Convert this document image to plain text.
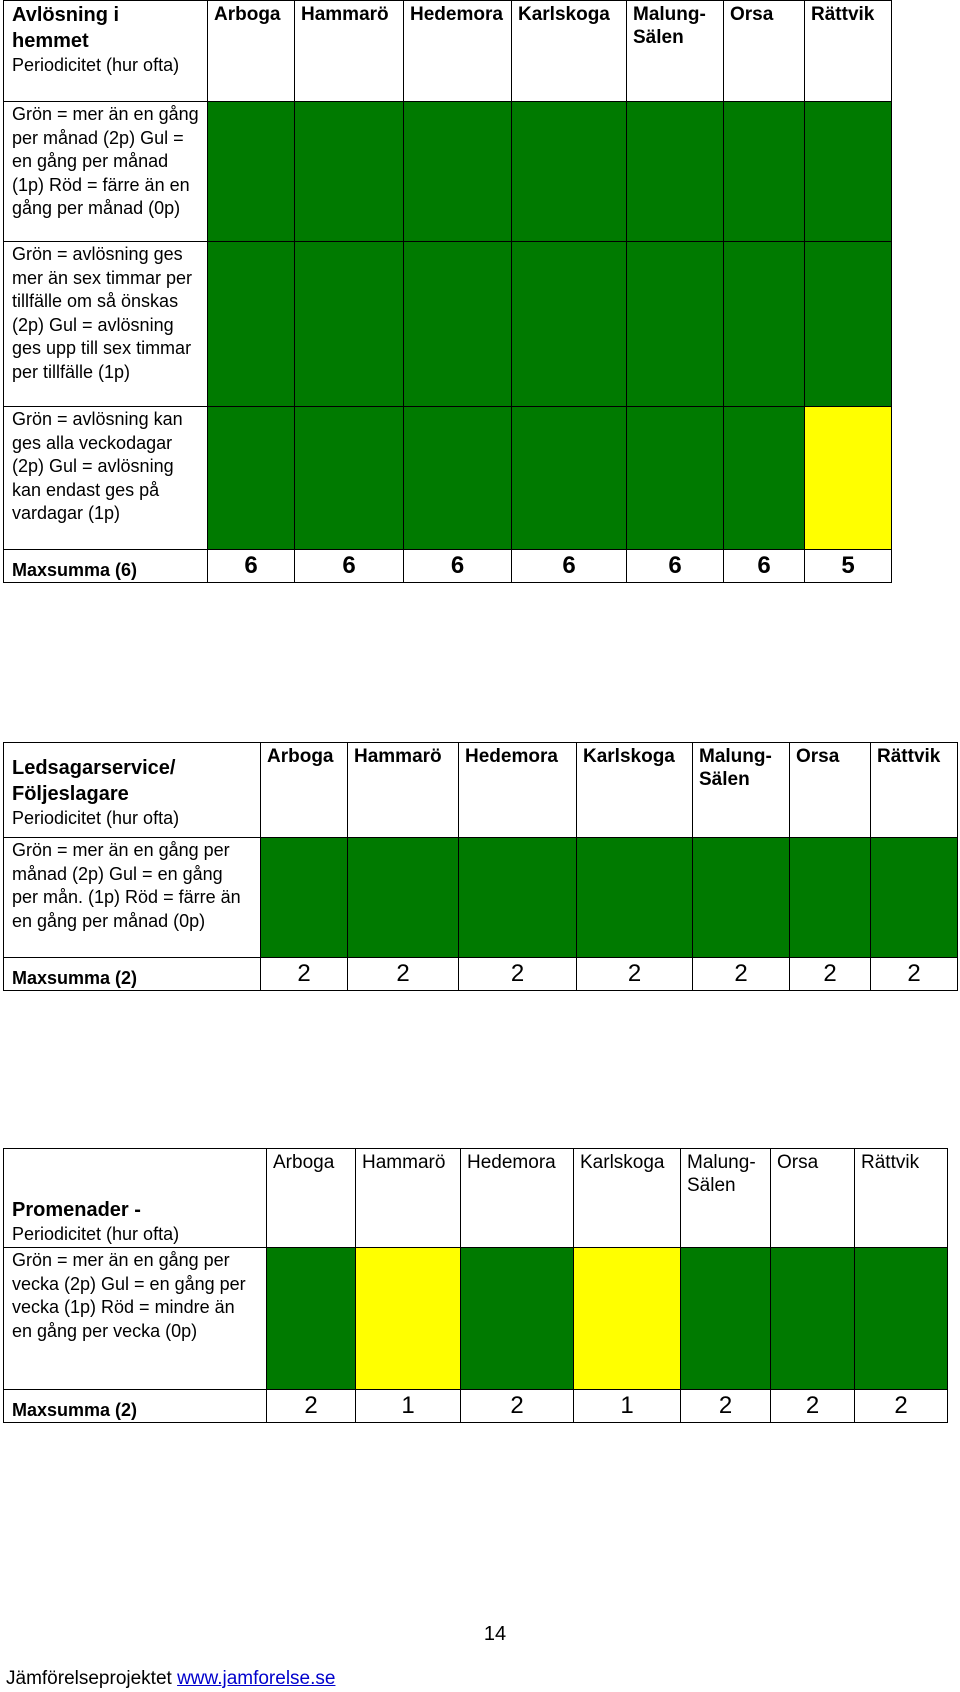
Avlösning i hemmet
Periodicitet (hur ofta)	Arboga	Hammarö	Hedemora	Karlskoga	Malung-Sälen	Orsa	Rättvik
Grön = mer än en gång per månad (2p) Gul = en gång per månad (1p) Röd = färre än en gång per månad (0p)							
Grön = avlösning ges mer än sex timmar per tillfälle om så önskas (2p) Gul = avlösning ges upp till sex timmar per tillfälle (1p)							
Grön = avlösning kan ges alla veckodagar (2p) Gul = avlösning kan endast ges på vardagar (1p)							
Maxsumma (6)	6	6	6	6	6	6	5
Ledsagarservice/ Följeslagare
Periodicitet (hur ofta)	Arboga	Hammarö	Hedemora	Karlskoga	Malung-Sälen	Orsa	Rättvik
Grön = mer än en gång per månad (2p) Gul = en gång per mån. (1p) Röd = färre än en gång per månad (0p)							
Maxsumma (2)	2	2	2	2	2	2	2
Promenader -
Periodicitet (hur ofta)	Arboga	Hammarö	Hedemora	Karlskoga	Malung-Sälen	Orsa	Rättvik
Grön = mer än en gång per vecka (2p) Gul = en gång per vecka (1p) Röd = mindre än en gång per vecka (0p)							
Maxsumma (2)	2	1	2	1	2	2	2
14
Jämförelseprojektet www.jamforelse.se
